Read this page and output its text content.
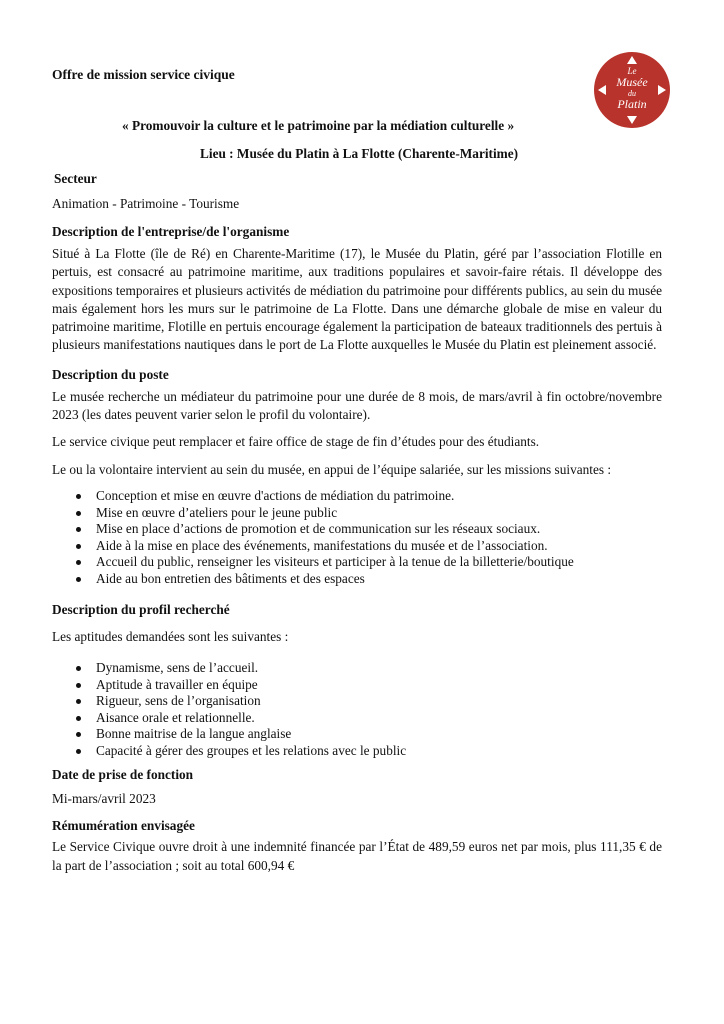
Le
Musée
du
Platin
Offre de mission service civique
« Promouvoir la culture et le patrimoine par la médiation culturelle »
Lieu : Musée du Platin à La Flotte (Charente-Maritime)
Secteur
Animation - Patrimoine - Tourisme
Description de l'entreprise/de l'organisme
Situé à La Flotte (île de Ré) en Charente-Maritime (17), le Musée du Platin, géré par l’association Flotille en pertuis, est consacré au patrimoine maritime, aux traditions populaires et savoir-faire rétais. Il développe des expositions temporaires et plusieurs activités de médiation du patrimoine pour différents publics, au sein du musée mais également hors les murs sur le patrimoine de La Flotte. Dans une démarche globale de mise en valeur du patrimoine maritime, Flotille en pertuis encourage également la participation de bateaux traditionnels des pertuis à plusieurs manifestations nautiques dans le port de La Flotte auxquelles le Musée du Platin est pleinement associé.
Description du poste
Le musée recherche un médiateur du patrimoine pour une durée de 8 mois, de mars/avril à fin octobre/novembre 2023 (les dates peuvent varier selon le profil du volontaire).
Le service civique peut remplacer et faire office de stage de fin d’études pour des étudiants.
Le ou la volontaire intervient au sein du musée, en appui de l’équipe salariée, sur les missions suivantes :
Conception et mise en œuvre d'actions de médiation du patrimoine.
Mise en œuvre d’ateliers pour le jeune public
Mise en place d’actions de promotion et de communication sur les réseaux sociaux.
Aide à la mise en place des événements, manifestations du musée et de l’association.
Accueil du public, renseigner les visiteurs et participer à la tenue de la billetterie/boutique
Aide au bon entretien des bâtiments et des espaces
Description du profil recherché
Les aptitudes demandées sont les suivantes :
Dynamisme, sens de l’accueil.
Aptitude à travailler en équipe
Rigueur, sens de l’organisation
Aisance orale et relationnelle.
Bonne maitrise de la langue anglaise
Capacité à gérer des groupes et les relations avec le public
Date de prise de fonction
Mi-mars/avril 2023
Rémumération envisagée
Le Service Civique ouvre droit à une indemnité financée par l’État de 489,59 euros net par mois, plus 111,35 € de la part de l’association ; soit au total 600,94 €
